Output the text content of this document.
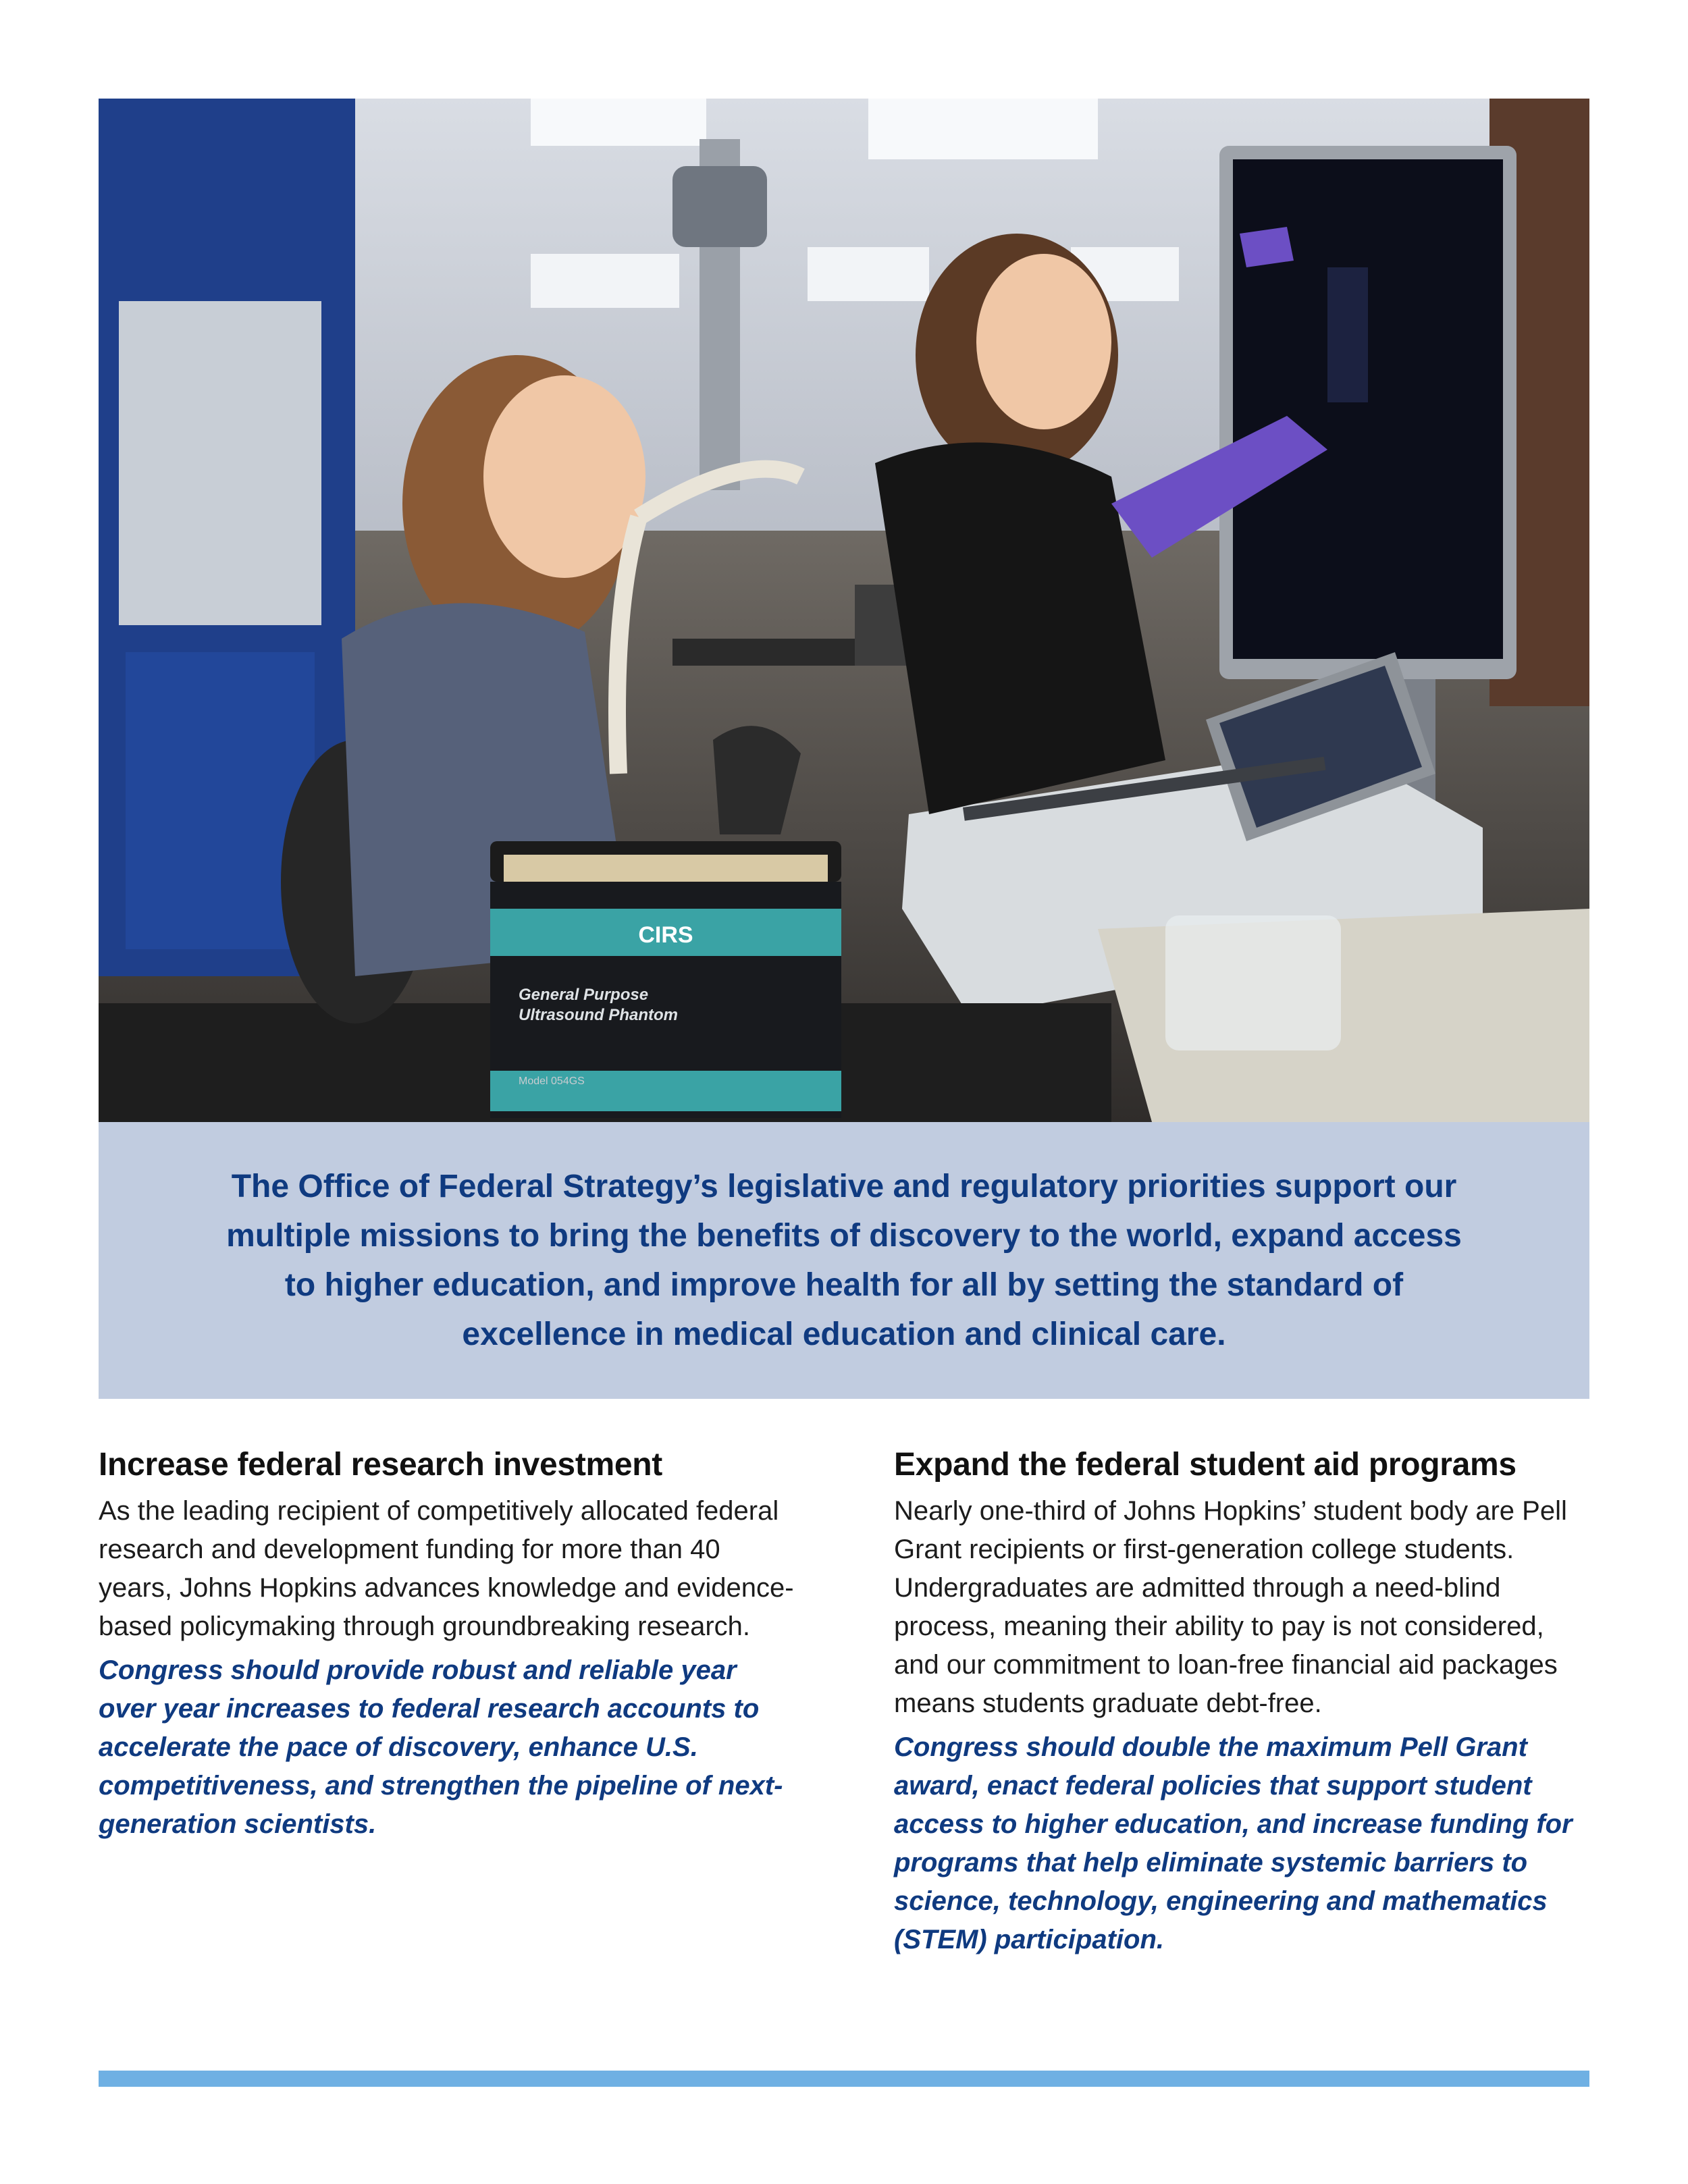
CIRS
General Purpose
Ultrasound Phantom
Model 054GS

The Office of Federal Strategy’s legislative and regulatory priorities support our multiple missions to bring the benefits of discovery to the world, expand access to higher education, and improve health for all by setting the standard of excellence in medical education and clinical care.

Increase federal research investment

As the leading recipient of competitively allocated federal research and development funding for more than 40 years, Johns Hopkins advances knowledge and evidence-based policymaking through groundbreaking research.

Congress should provide robust and reliable year over year increases to federal research accounts to accelerate the pace of discovery, enhance U.S. competitiveness, and strengthen the pipeline of next-generation scientists.

Expand the federal student aid programs

Nearly one-third of Johns Hopkins’ student body are Pell Grant recipients or first-generation college students. Undergraduates are admitted through a need-blind process, meaning their ability to pay is not considered, and our commitment to loan-free financial aid packages means students graduate debt-free.

Congress should double the maximum Pell Grant award, enact federal policies that support student access to higher education, and increase funding for programs that help eliminate systemic barriers to science, technology, engineering and mathematics (STEM) participation.
